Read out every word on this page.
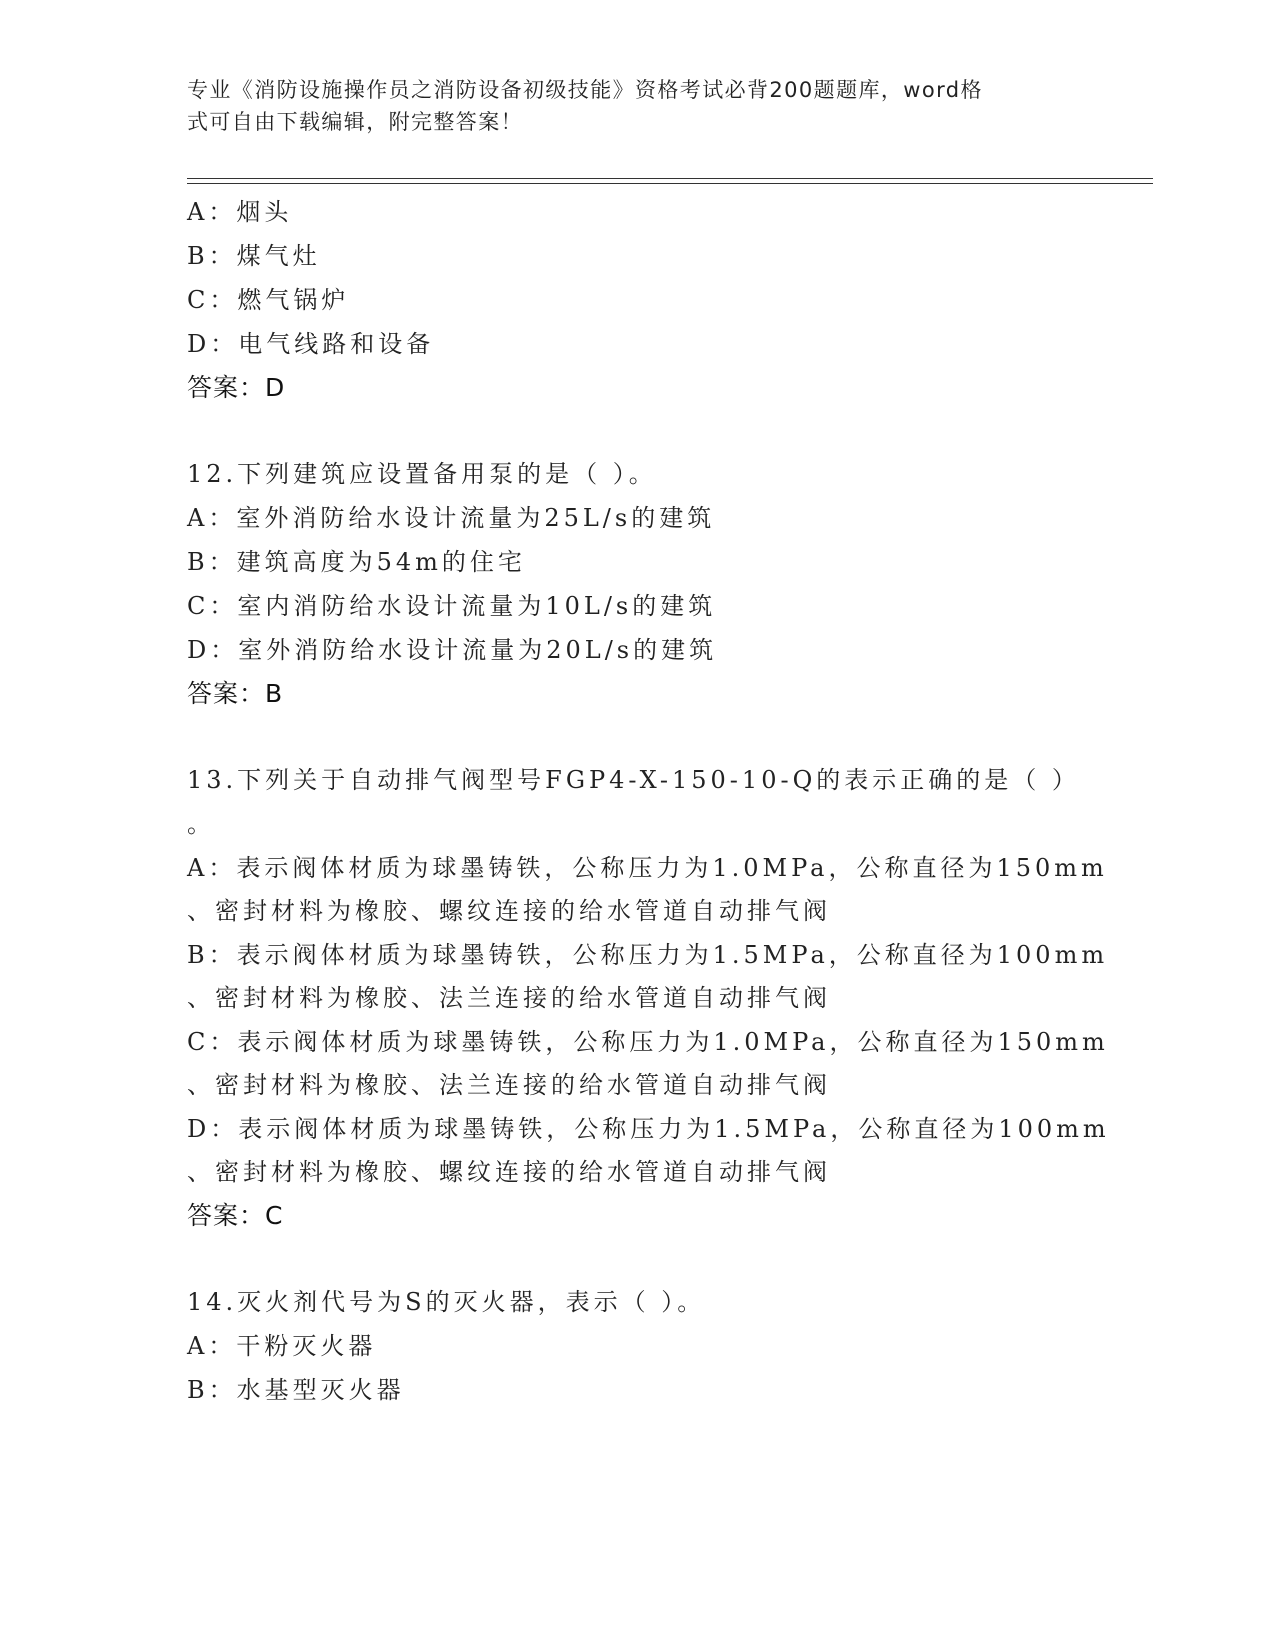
专业《消防设施操作员之消防设备初级技能》资格考试必背200题题库，word格
式可自由下载编辑，附完整答案！
A：烟头
B：煤气灶
C：燃气锅炉
D：电气线路和设备
答案：D
12.下列建筑应设置备用泵的是（ ）。
A：室外消防给水设计流量为25L/s的建筑
B：建筑高度为54m的住宅
C：室内消防给水设计流量为10L/s的建筑
D：室外消防给水设计流量为20L/s的建筑
答案：B
13.下列关于自动排气阀型号FGP4-X-150-10-Q的表示正确的是（ ）
。
A：表示阀体材质为球墨铸铁，公称压力为1.0MPa，公称直径为150mm
、密封材料为橡胶、螺纹连接的给水管道自动排气阀
B：表示阀体材质为球墨铸铁，公称压力为1.5MPa，公称直径为100mm
、密封材料为橡胶、法兰连接的给水管道自动排气阀
C：表示阀体材质为球墨铸铁，公称压力为1.0MPa，公称直径为150mm
、密封材料为橡胶、法兰连接的给水管道自动排气阀
D：表示阀体材质为球墨铸铁，公称压力为1.5MPa，公称直径为100mm
、密封材料为橡胶、螺纹连接的给水管道自动排气阀
答案：C
14.灭火剂代号为S的灭火器，表示（ ）。
A：干粉灭火器
B：水基型灭火器
